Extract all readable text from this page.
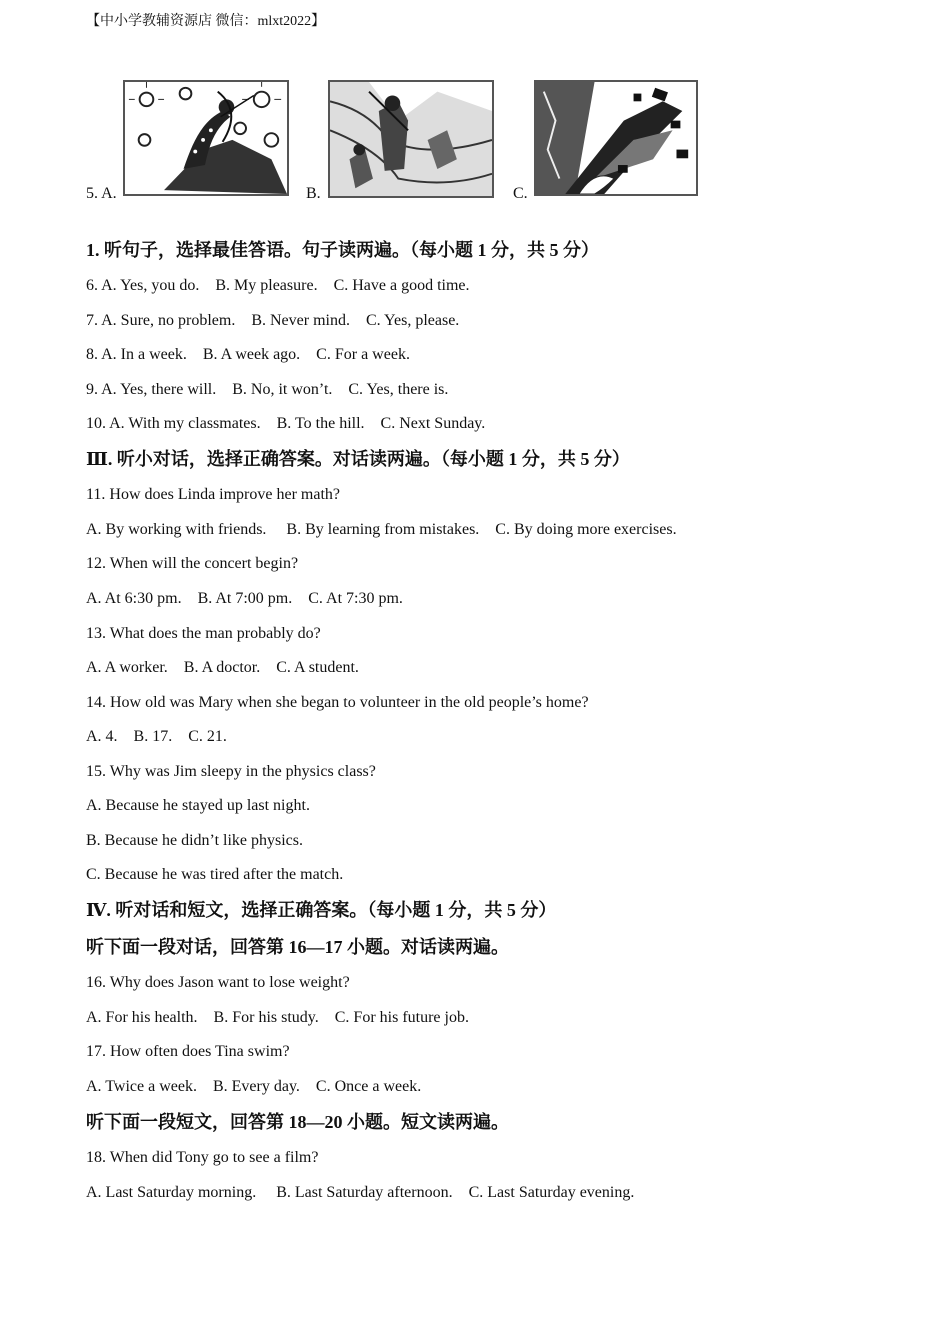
【中小学教辅资源店 微信：mlxt2022】
5. A.	B.	C.
1. 听句子，选择最佳答语。句子读两遍。（每小题 1 分，共 5 分）
6. A. Yes, you do.    B. My pleasure.    C. Have a good time.
7. A. Sure, no problem.    B. Never mind.    C. Yes, please.
8. A. In a week.    B. A week ago.    C. For a week.
9. A. Yes, there will.    B. No, it won’t.    C. Yes, there is.
10. A. With my classmates.    B. To the hill.    C. Next Sunday.
Ⅲ. 听小对话，选择正确答案。对话读两遍。（每小题 1 分，共 5 分）
11. How does Linda improve her math?
A. By working with friends.     B. By learning from mistakes.    C. By doing more exercises.
12. When will the concert begin?
A. At 6:30 pm.    B. At 7:00 pm.    C. At 7:30 pm.
13. What does the man probably do?
A. A worker.    B. A doctor.    C. A student.
14. How old was Mary when she began to volunteer in the old people’s home?
A. 4.    B. 17.    C. 21.
15. Why was Jim sleepy in the physics class?
A. Because he stayed up last night.
B. Because he didn’t like physics.
C. Because he was tired after the match.
Ⅳ. 听对话和短文，选择正确答案。（每小题 1 分，共 5 分）
听下面一段对话，回答第 16—17 小题。对话读两遍。
16. Why does Jason want to lose weight?
A. For his health.    B. For his study.    C. For his future job.
17. How often does Tina swim?
A. Twice a week.    B. Every day.    C. Once a week.
听下面一段短文，回答第 18—20 小题。短文读两遍。
18. When did Tony go to see a film?
A. Last Saturday morning.     B. Last Saturday afternoon.    C. Last Saturday evening.
